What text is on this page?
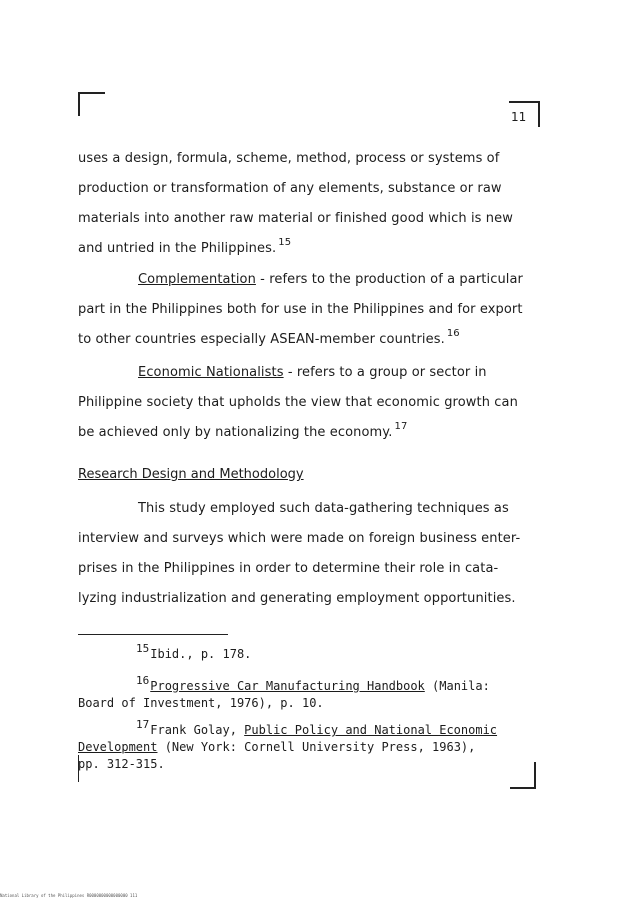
11
uses a design, formula, scheme, method, process or systems of
production or transformation of any elements, substance or raw
materials into another raw material or finished good which is new
and untried in the Philippines. $^{15}$
Complementation - refers to the production of a particular
part in the Philippines both for use in the Philippines and for export
to other countries especially ASEAN-member countries. $^{16}$
Economic Nationalists - refers to a group or sector in
Philippine society that upholds the view that economic growth can
be achieved only by nationalizing the economy. $^{17}$
Research Design and Methodology
This study employed such data-gathering techniques as
interview and surveys which were made on foreign business enter-
prises in the Philippines in order to determine their role in cata-
lyzing industrialization and generating employment opportunities.
$^{15}$Ibid., p. 178.
$^{16}$Progressive Car Manufacturing Handbook (Manila:
Board of Investment, 1976), p. 10.
$^{17}$Frank Golay, Public Policy and National Economic
Development (New York: Cornell University Press, 1963),
pp. 312-315.
National Library of the Philippines R0000000000000000 111
